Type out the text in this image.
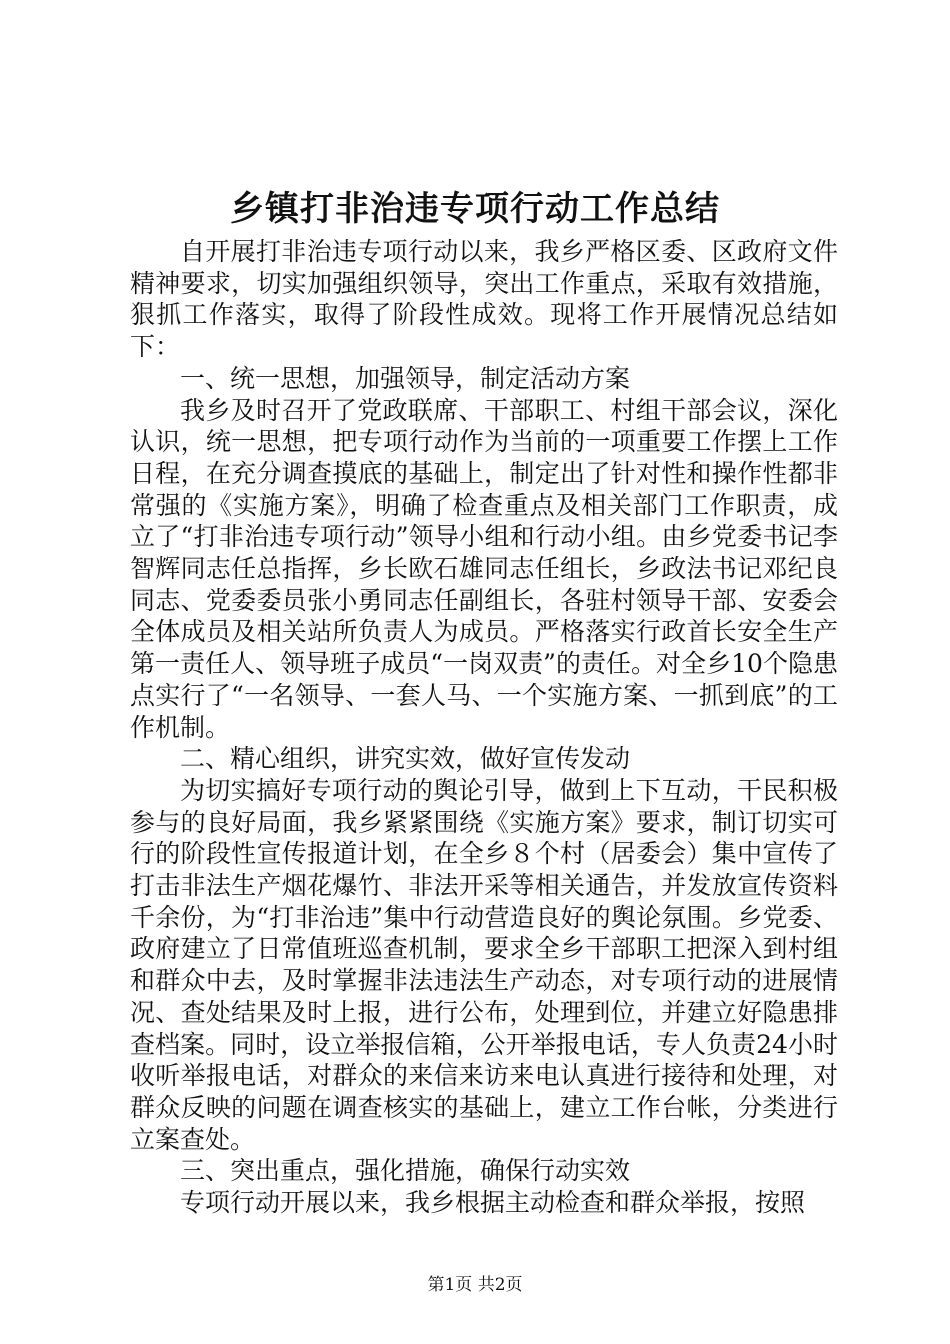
乡镇打非治违专项行动工作总结

自开展打非治违专项行动以来，我乡严格区委、区政府文件精神要求，切实加强组织领导，突出工作重点，采取有效措施，狠抓工作落实，取得了阶段性成效。现将工作开展情况总结如下：

一、统一思想，加强领导，制定活动方案

我乡及时召开了党政联席、干部职工、村组干部会议，深化认识，统一思想，把专项行动作为当前的一项重要工作摆上工作日程，在充分调查摸底的基础上，制定出了针对性和操作性都非常强的《实施方案》，明确了检查重点及相关部门工作职责，成立了“打非治违专项行动”领导小组和行动小组。由乡党委书记李智辉同志任总指挥，乡长欧石雄同志任组长，乡政法书记邓纪良同志、党委委员张小勇同志任副组长，各驻村领导干部、安委会全体成员及相关站所负责人为成员。严格落实行政首长安全生产第一责任人、领导班子成员“一岗双责”的责任。对全乡10个隐患点实行了“一名领导、一套人马、一个实施方案、一抓到底”的工作机制。

二、精心组织，讲究实效，做好宣传发动

为切实搞好专项行动的舆论引导，做到上下互动，干民积极参与的良好局面，我乡紧紧围绕《实施方案》要求，制订切实可行的阶段性宣传报道计划，在全乡８个村（居委会）集中宣传了打击非法生产烟花爆竹、非法开采等相关通告，并发放宣传资料千余份，为“打非治违”集中行动营造良好的舆论氛围。乡党委、政府建立了日常值班巡查机制，要求全乡干部职工把深入到村组和群众中去，及时掌握非法违法生产动态，对专项行动的进展情况、查处结果及时上报，进行公布，处理到位，并建立好隐患排查档案。同时，设立举报信箱，公开举报电话，专人负责24小时收听举报电话，对群众的来信来访来电认真进行接待和处理，对群众反映的问题在调查核实的基础上，建立工作台帐，分类进行立案查处。

三、突出重点，强化措施，确保行动实效

专项行动开展以来，我乡根据主动检查和群众举报，按照

第1页 共2页
